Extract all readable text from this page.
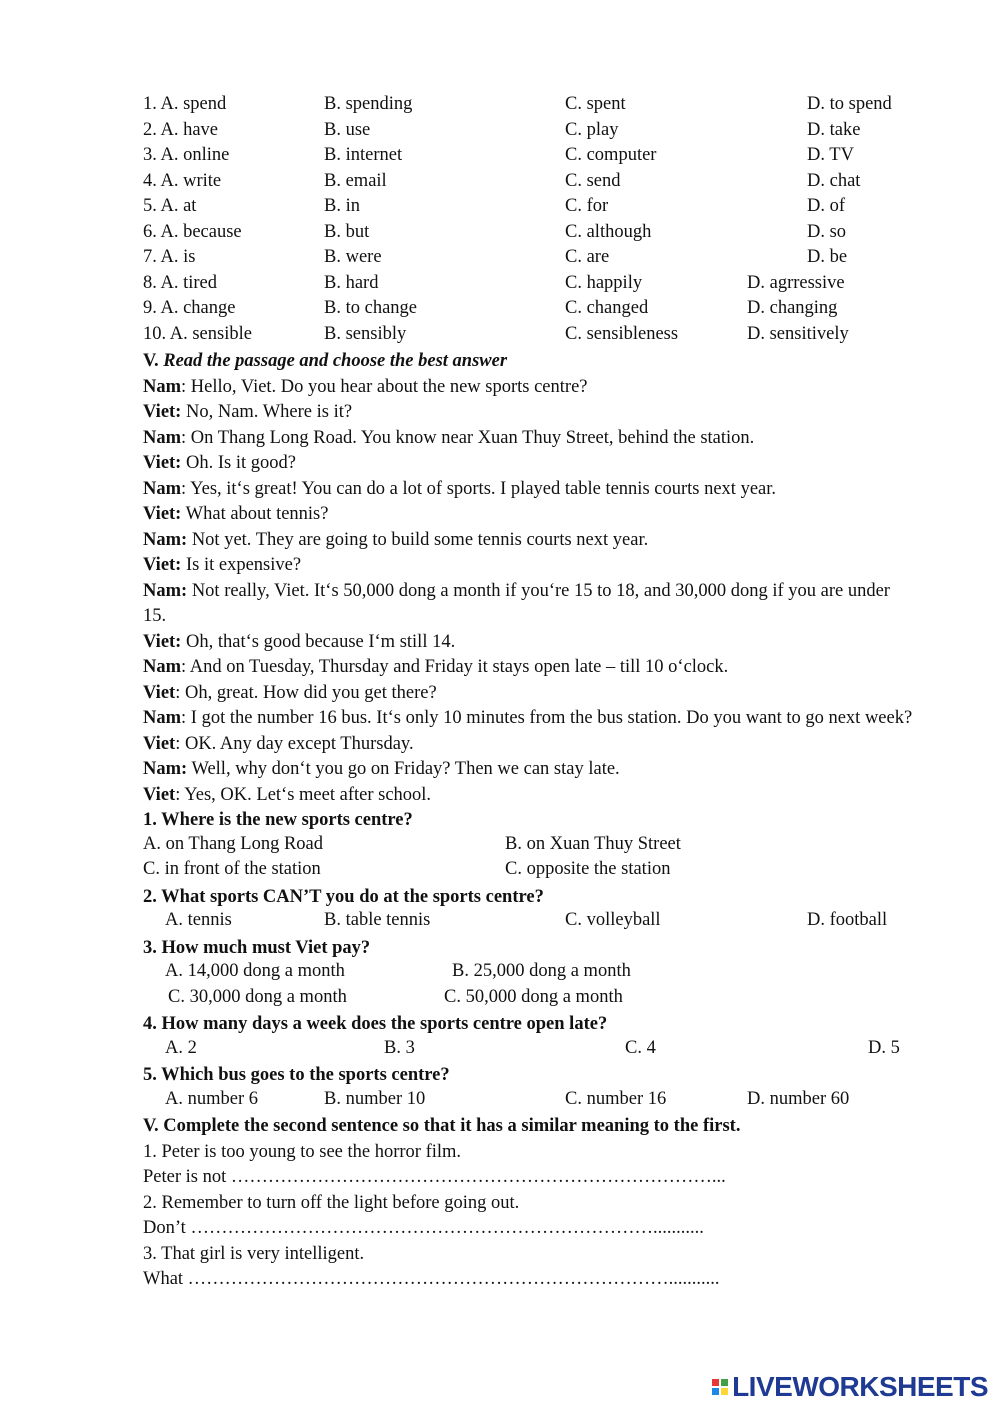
1. A. spend	B. spending	C. spent	D. to spend
2. A. have	B. use	C. play	D. take
3. A. online	B. internet	C. computer	D. TV
4. A. write	B. email	C. send	D. chat
5. A. at	B. in	C. for	D. of
6. A. because	B. but	C. although	D. so
7. A. is	B. were	C. are	D. be
8. A. tired	B. hard	C. happily	D. agrressive
9. A. change	B. to change	C. changed	D. changing
10. A. sensible	B. sensibly	C. sensibleness	D. sensitively
V. Read the passage and choose the best answer
Nam: Hello, Viet. Do you hear about the new sports centre?
Viet: No, Nam. Where is it?
Nam: On Thang Long Road. You know near Xuan Thuy Street, behind the station.
Viet: Oh. Is it good?
Nam: Yes, it‘s great! You can do a lot of sports. I played table tennis courts next year.
Viet: What about tennis?
Nam: Not yet. They are going to build some tennis courts next year.
Viet: Is it expensive?
Nam: Not really, Viet. It‘s 50,000 dong a month if you‘re 15 to 18, and 30,000 dong if you are under 15.
Viet: Oh, that‘s good because I‘m still 14.
Nam: And on Tuesday, Thursday and Friday it stays open late – till 10 o‘clock.
Viet: Oh, great. How did you get there?
Nam: I got the number 16 bus. It‘s only 10 minutes from the bus station. Do you want to go next week?
Viet: OK. Any day except Thursday.
Nam: Well, why don‘t you go on Friday? Then we can stay late.
Viet: Yes, OK. Let‘s meet after school.
1. Where is the new sports centre?
A. on Thang Long Road	B. on Xuan Thuy Street
C. in front of the station	C. opposite the station
2. What sports CAN’T you do at the sports centre?
A. tennis	B. table tennis	C. volleyball	D. football
3. How much must Viet pay?
A. 14,000 dong a month	B. 25,000 dong a month
C. 30,000 dong a month	C. 50,000 dong a month
4. How many days a week does the sports centre open late?
A. 2	B. 3	C. 4	D. 5
5. Which bus goes to the sports centre?
A. number 6	B. number 10	C. number 16	D. number 60
V. Complete the second sentence so that it has a similar meaning to the first.
1. Peter is too young to see the horror film.
Peter is not ……………………………………………………………………...
2. Remember to turn off the light before going out.
Don’t …………………………………………………………………...........
3. That girl is very intelligent.
What ……………………………………………………………………...........
LIVEWORKSHEETS
